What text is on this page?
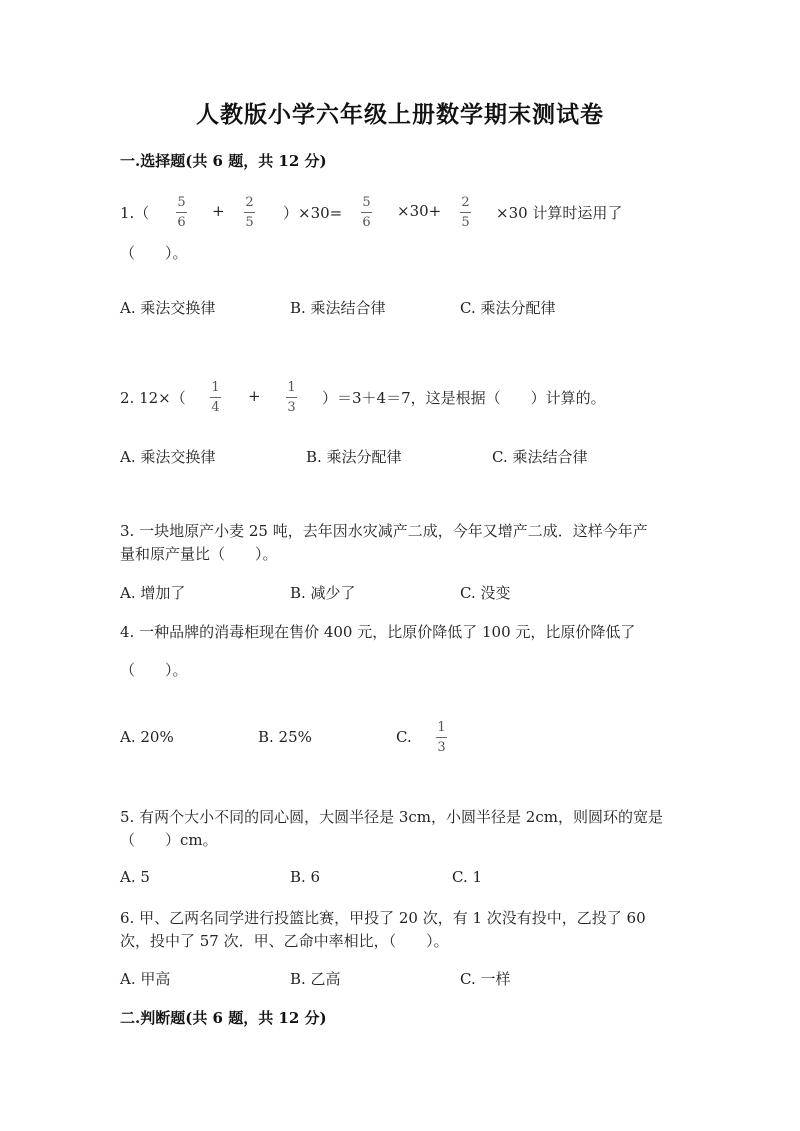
人教版小学六年级上册数学期末测试卷
一.选择题(共 6 题，共 12 分)
1.（
5
6
+ 2
5
）×30=
5
6
×30+ 2
5
×30 计算时运用了
（　　）。
A. 乘法交换律	B. 乘法结合律	C. 乘法分配律
2. 12×（
1
4
+ 1
3
）＝3＋4＝7，这是根据（　　）计算的。
A. 乘法交换律	B. 乘法分配律	C. 乘法结合律
3. 一块地原产小麦 25 吨，去年因水灾减产二成，今年又增产二成．这样今年产
量和原产量比（　　）。
A. 增加了	B. 减少了	C. 没变
4. 一种品牌的消毒柜现在售价 400 元，比原价降低了 100 元，比原价降低了
（　　）。
A. 20%	B. 25%	C.
1
3
5. 有两个大小不同的同心圆，大圆半径是 3cm，小圆半径是 2cm，则圆环的宽是
（　　）cm。
A. 5	B. 6	C. 1
6. 甲、乙两名同学进行投篮比赛，甲投了 20 次，有 1 次没有投中，乙投了 60
次，投中了 57 次．甲、乙命中率相比，（　　）。
A. 甲高	B. 乙高	C. 一样
二.判断题(共 6 题，共 12 分)
